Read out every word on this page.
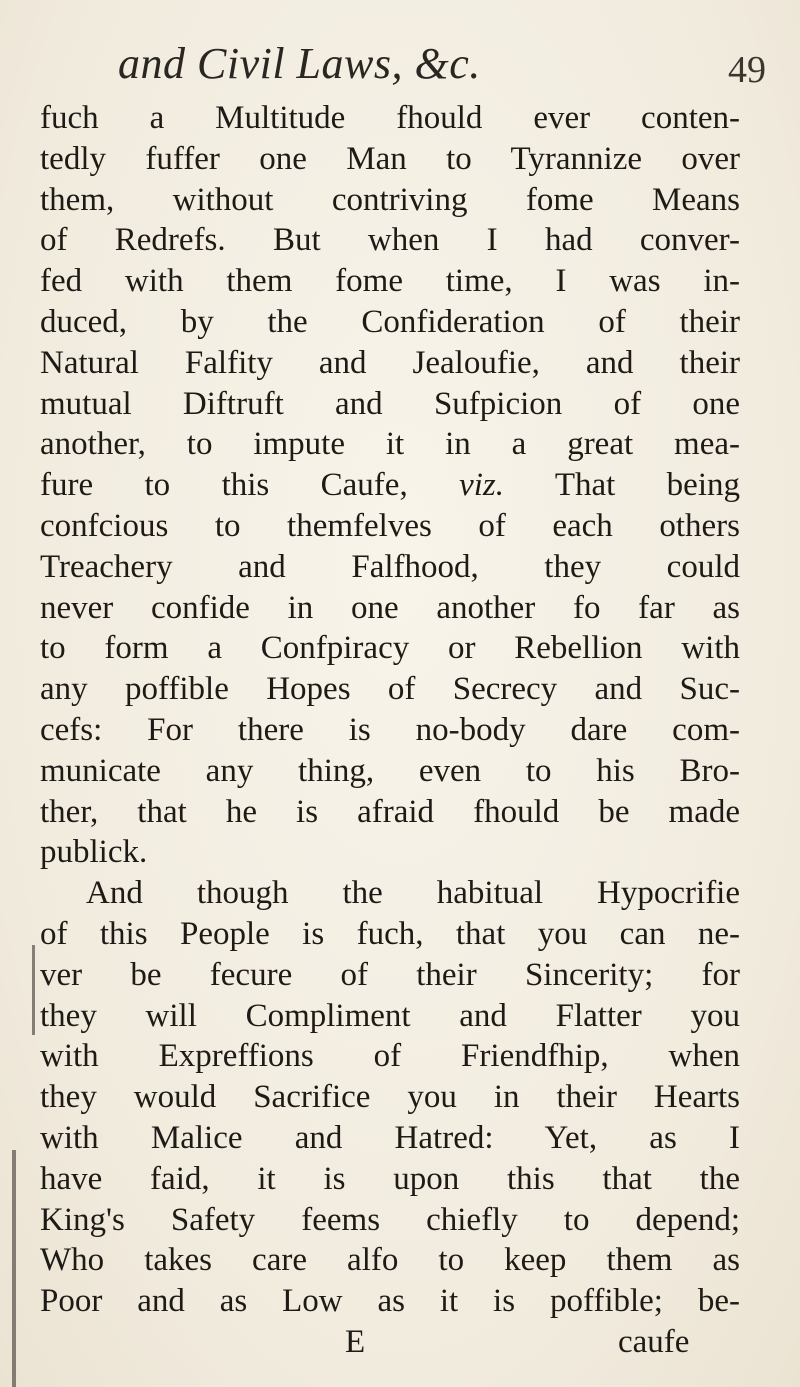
and Civil Laws, &c.	49
fuch a Multitude fhould ever conten-
tedly fuffer one Man to Tyrannize over
them, without contriving fome Means
of Redrefs. But when I had conver-
fed with them fome time, I was in-
duced, by the Confideration of their
Natural Falfity and Jealoufie, and their
mutual Diftruft and Sufpicion of one
another, to impute it in a great mea-
fure to this Caufe, viz. That being
confcious to themfelves of each others
Treachery and Falfhood, they could
never confide in one another fo far as
to form a Confpiracy or Rebellion with
any poffible Hopes of Secrecy and Suc-
cefs: For there is no-body dare com-
municate any thing, even to his Bro-
ther, that he is afraid fhould be made
publick.
And though the habitual Hypocrifie
of this People is fuch, that you can ne-
ver be fecure of their Sincerity; for
they will Compliment and Flatter you
with Expreffions of Friendfhip, when
they would Sacrifice you in their Hearts
with Malice and Hatred: Yet, as I
have faid, it is upon this that the
King's Safety feems chiefly to depend;
Who takes care alfo to keep them as
Poor and as Low as it is poffible; be-
E	caufe
